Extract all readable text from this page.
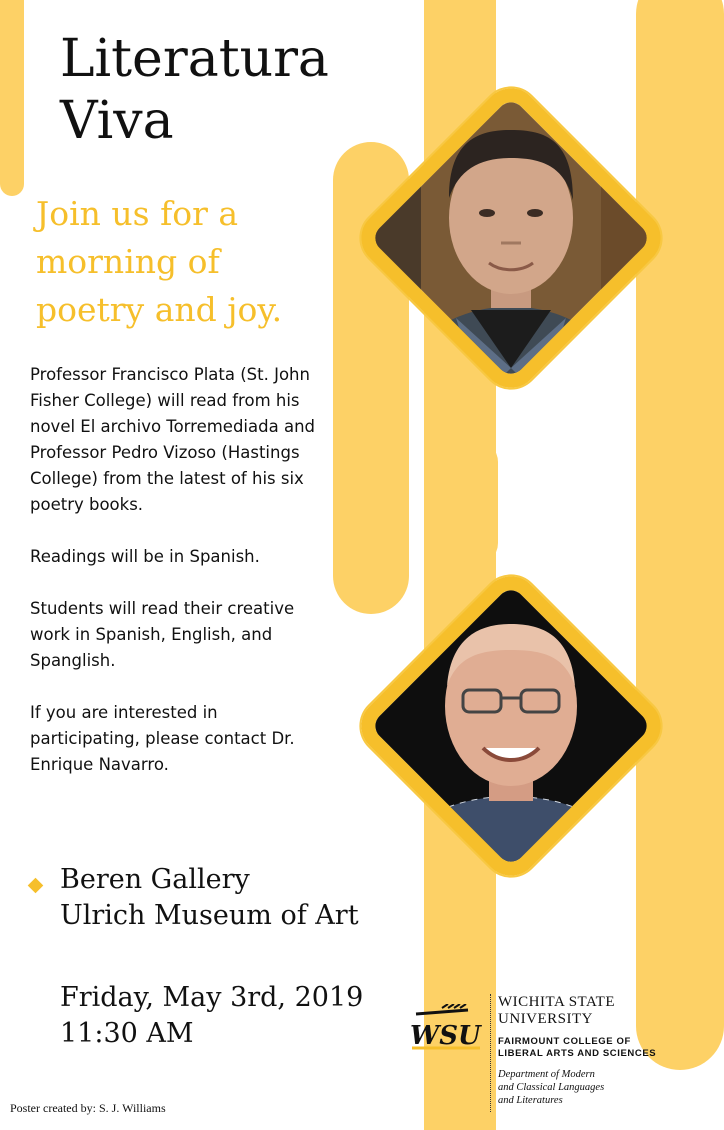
Literatura
Viva
Join us for a
morning of
poetry and joy.

Professor Francisco Plata (St. John Fisher College) will read from his novel El archivo Torremediada and Professor Pedro Vizoso (Hastings College) from the latest of his six poetry books.

Readings will be in Spanish.

Students will read their creative work in Spanish, English, and Spanglish.

If you are interested in participating, please contact Dr. Enrique Navarro.

Beren Gallery
Ulrich Museum of Art
Friday, May 3rd, 2019
11:30 AM
Poster created by: S. J. Williams
WSU
WICHITA STATE
UNIVERSITY
FAIRMOUNT COLLEGE OF
LIBERAL ARTS AND SCIENCES
Department of Modern
and Classical Languages
and Literatures
